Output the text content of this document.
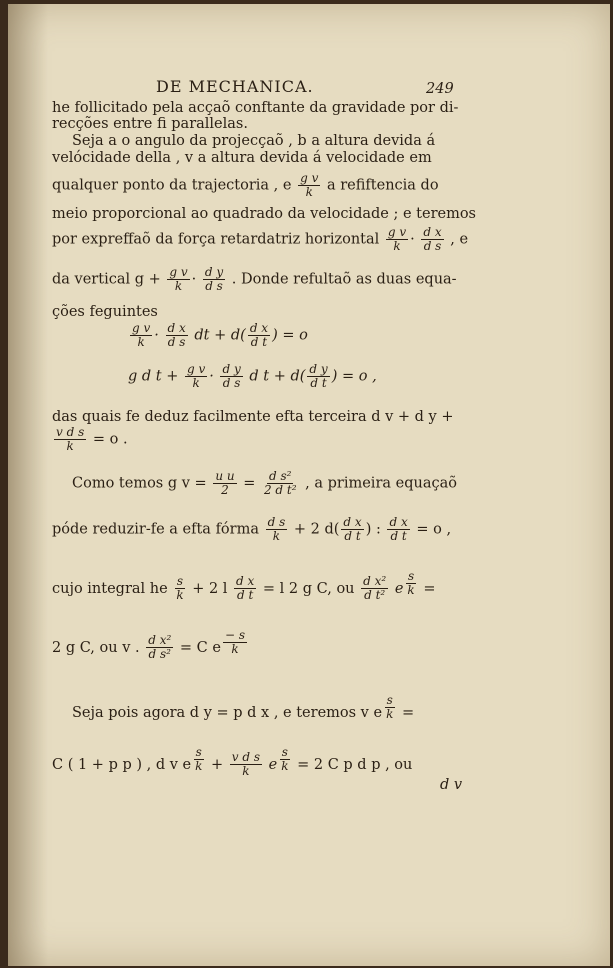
DE MECHANICA.	249
he follicitado pela acçaõ conftante da gravidade por di-
recções entre fi parallelas.
Seja a o angulo da projecçaõ , b a altura devida á
velócidade della , v a altura devida á velocidade em
qualquer ponto da trajectoria , e $\frac{\text{g v}}{k}$ a refiftencia do
meio proporcional ao quadrado da velocidade ; e teremos
por expreffaõ da força retardatriz horizontal $\frac{\text{g v}}{k} \cdot \frac{\text{d x}}{\text{d s}}$ , e
da vertical $g + \frac{\text{g v}}{k} \cdot \frac{\text{d y}}{\text{d s}}$ . Donde refultaõ as duas equa-
ções feguintes
$\frac{\text{g v}}{k} \cdot \frac{\text{d x}}{\text{d s}}$ dt + $d( \frac{\text{d x}}{\text{d t}}$ ) = o
g d $t + \frac{\text{g v}}{k} \cdot \frac{\text{d y}}{\text{d s}}$ d $t + d( \frac{\text{d y}}{\text{d t}}$ ) = o ,
das quais fe deduz facilmente efta terceira d v + d y +
$\frac{\text{v d s}}{k} = o$ .
Como temos g $v = \frac{\text{u u}}{2} = \frac{\text{d s²}}{\text{2 d t²}}$ , a primeira equaçaõ
póde reduzir-fe a efta fórma $\frac{\text{d s}}{k} + 2$ $d( \frac{\text{d x}}{\text{d t}}$ ) : $\frac{\text{d x}}{\text{d t}} = o$ ,
cujo integral he $\frac{s}{k} + 2$ l $\frac{\text{d x}}{\text{d t}} = l$ 2 g C, ou $\frac{\text{d x²}}{\text{d t²}}$ e $^{\frac{s}{k}}$ =
2 g C, ou v . $\frac{\text{d x²}}{\text{d s²}} = C$ e $^{\frac{- s}{k}}$
Seja pois agora d y = p d x , e teremos v e $^{\frac{s}{k}}$ =
C ( 1 + p p ) , d v e $^{\frac{s}{k}} + \frac{\text{v d s}}{k}$ e $^{\frac{s}{k}}$ = 2 C p d p , ou
d v
